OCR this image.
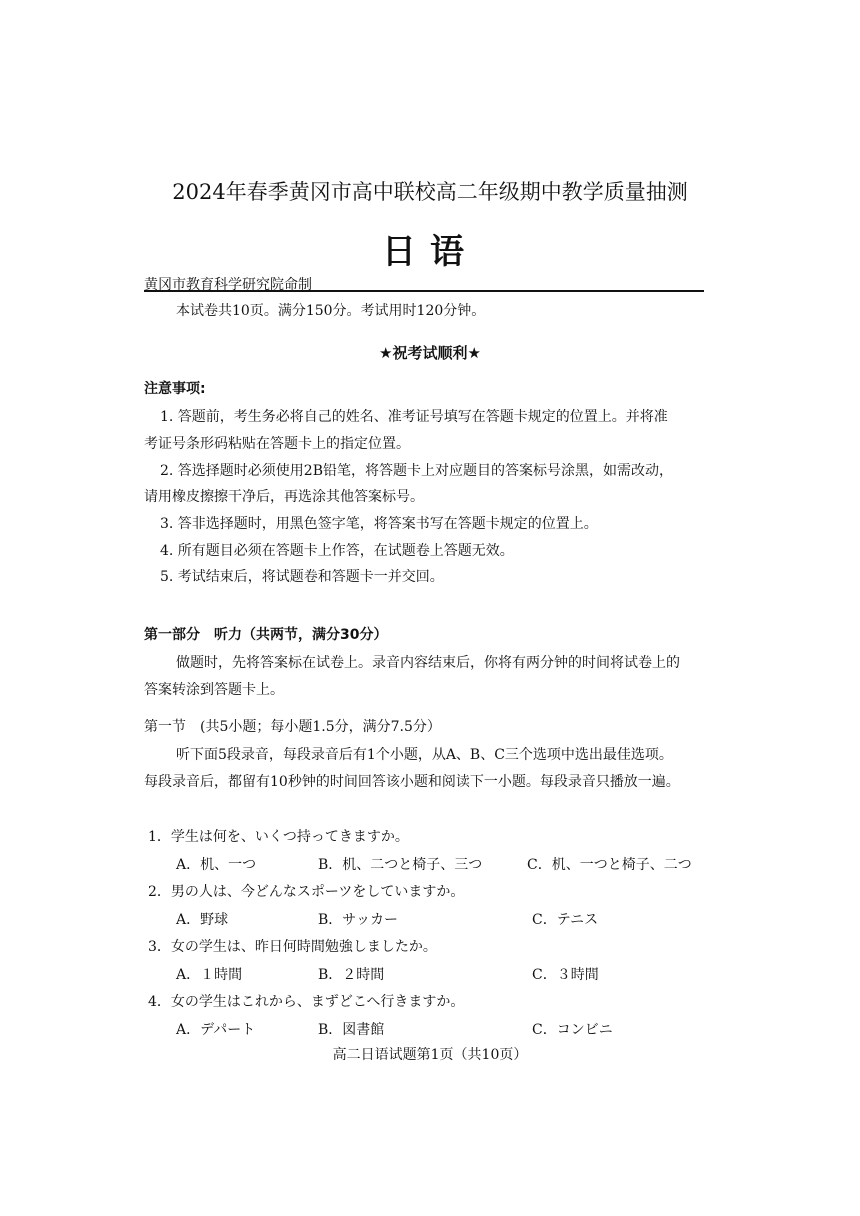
2024年春季黄冈市高中联校高二年级期中教学质量抽测
日语
黄冈市教育科学研究院命制
本试卷共10页。满分150分。考试用时120分钟。
★祝考试顺利★
注意事项:
1. 答题前，考生务必将自己的姓名、准考证号填写在答题卡规定的位置上。并将准
考证号条形码粘贴在答题卡上的指定位置。
2. 答选择题时必须使用2B铅笔，将答题卡上对应题目的答案标号涂黑，如需改动，
请用橡皮擦擦干净后，再选涂其他答案标号。
3. 答非选择题时，用黑色签字笔，将答案书写在答题卡规定的位置上。
4. 所有题目必须在答题卡上作答，在试题卷上答题无效。
5. 考试结束后，将试题卷和答题卡一并交回。
第一部分　听力（共两节，满分30分）
做题时，先将答案标在试卷上。录音内容结束后，你将有两分钟的时间将试卷上的
答案转涂到答题卡上。
第一节　(共5小题；每小题1.5分，满分7.5分）
听下面5段录音，每段录音后有1个小题，从A、B、C三个选项中选出最佳选项。
每段录音后，都留有10秒钟的时间回答该小题和阅读下一小题。每段录音只播放一遍。
1．学生は何を、いくつ持ってきますか。
A．机、一つ	B．机、二つと椅子、三つ	C．机、一つと椅子、二つ
2．男の人は、今どんなスポーツをしていますか。
A．野球	B．サッカー	C．テニス
3．女の学生は、昨日何時間勉強しましたか。
A．１時間	B．２時間	C．３時間
4．女の学生はこれから、まずどこへ行きますか。
A．デパート	B．図書館	C．コンビニ
高二日语试题第1页（共10页）
